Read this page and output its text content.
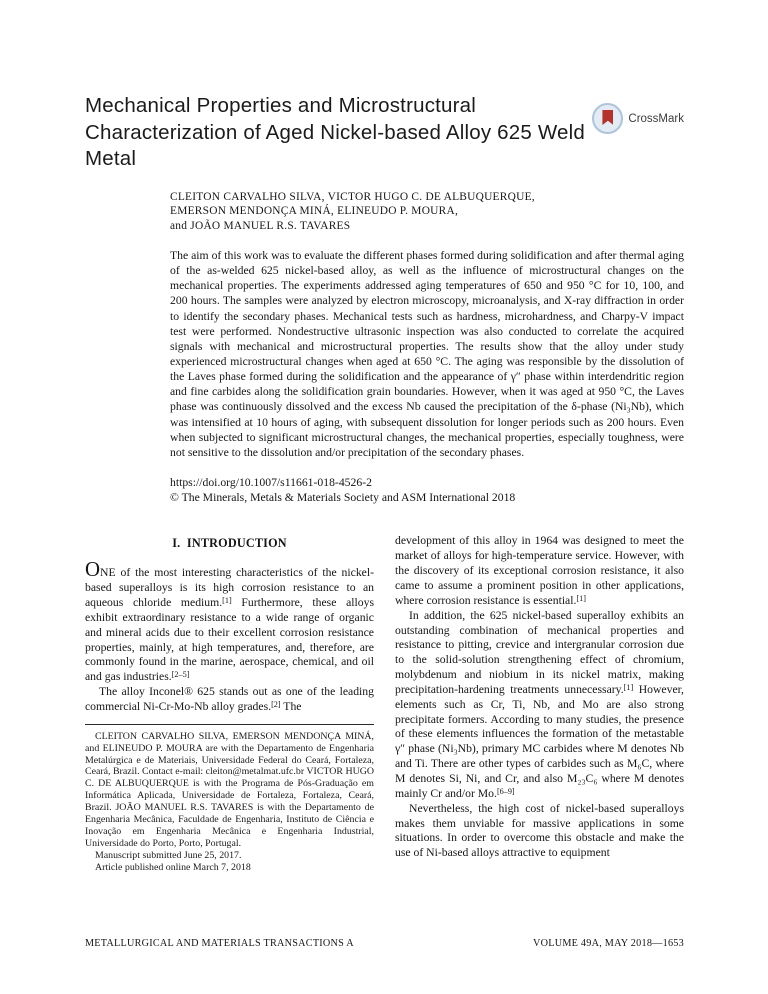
Mechanical Properties and Microstructural Characterization of Aged Nickel-based Alloy 625 Weld Metal
CrossMark
CLEITON CARVALHO SILVA, VICTOR HUGO C. DE ALBUQUERQUE,
EMERSON MENDONÇA MINÁ, ELINEUDO P. MOURA,
and JOÃO MANUEL R.S. TAVARES

The aim of this work was to evaluate the different phases formed during solidification and after thermal aging of the as-welded 625 nickel-based alloy, as well as the influence of microstructural changes on the mechanical properties. The experiments addressed aging temperatures of 650 and 950 °C for 10, 100, and 200 hours. The samples were analyzed by electron microscopy, microanalysis, and X-ray diffraction in order to identify the secondary phases. Mechanical tests such as hardness, microhardness, and Charpy-V impact test were performed. Nondestructive ultrasonic inspection was also conducted to correlate the acquired signals with mechanical and microstructural properties. The results show that the alloy under study experienced microstructural changes when aged at 650 °C. The aging was responsible by the dissolution of the Laves phase formed during the solidification and the appearance of γ″ phase within interdendritic region and fine carbides along the solidification grain boundaries. However, when it was aged at 950 °C, the Laves phase was continuously dissolved and the excess Nb caused the precipitation of the δ-phase (Ni₃Nb), which was intensified at 10 hours of aging, with subsequent dissolution for longer periods such as 200 hours. Even when subjected to significant microstructural changes, the mechanical properties, especially toughness, were not sensitive to the dissolution and/or precipitation of the secondary phases.

https://doi.org/10.1007/s11661-018-4526-2
© The Minerals, Metals & Materials Society and ASM International 2018
I.  INTRODUCTION

ONE of the most interesting characteristics of the nickel-based superalloys is its high corrosion resistance to an aqueous chloride medium.[1] Furthermore, these alloys exhibit extraordinary resistance to a wide range of organic and mineral acids due to their excellent corrosion resistance properties, mainly, at high temperatures, and, therefore, are commonly found in the marine, aerospace, chemical, and oil and gas industries.[2–5]

The alloy Inconel® 625 stands out as one of the leading commercial Ni-Cr-Mo-Nb alloy grades.[2] The

CLEITON CARVALHO SILVA, EMERSON MENDONÇA MINÁ, and ELINEUDO P. MOURA are with the Departamento de Engenharia Metalúrgica e de Materiais, Universidade Federal do Ceará, Fortaleza, Ceará, Brazil. Contact e-mail: cleiton@metalmat.ufc.br VICTOR HUGO C. DE ALBUQUERQUE is with the Programa de Pós-Graduação em Informática Aplicada, Universidade de Fortaleza, Fortaleza, Ceará, Brazil. JOÃO MANUEL R.S. TAVARES is with the Departamento de Engenharia Mecânica, Faculdade de Engenharia, Instituto de Ciência e Inovação em Engenharia Mecânica e Engenharia Industrial, Universidade do Porto, Porto, Portugal.

Manuscript submitted June 25, 2017.

Article published online March 7, 2018

development of this alloy in 1964 was designed to meet the market of alloys for high-temperature service. However, with the discovery of its exceptional corrosion resistance, it also came to assume a prominent position in other applications, where corrosion resistance is essential.[1]

In addition, the 625 nickel-based superalloy exhibits an outstanding combination of mechanical properties and resistance to pitting, crevice and intergranular corrosion due to the solid-solution strengthening effect of chromium, molybdenum and niobium in its nickel matrix, making precipitation-hardening treatments unnecessary.[1] However, elements such as Cr, Ti, Nb, and Mo are also strong precipitate formers. According to many studies, the presence of these elements influences the formation of the metastable γ″ phase (Ni₃Nb), primary MC carbides where M denotes Nb and Ti. There are other types of carbides such as M₆C, where M denotes Si, Ni, and Cr, and also M₂₃C₆ where M denotes mainly Cr and/or Mo.[6–9]

Nevertheless, the high cost of nickel-based superalloys makes them unviable for massive applications in some situations. In order to overcome this obstacle and make the use of Ni-based alloys attractive to equipment

METALLURGICAL AND MATERIALS TRANSACTIONS A	VOLUME 49A, MAY 2018—1653
